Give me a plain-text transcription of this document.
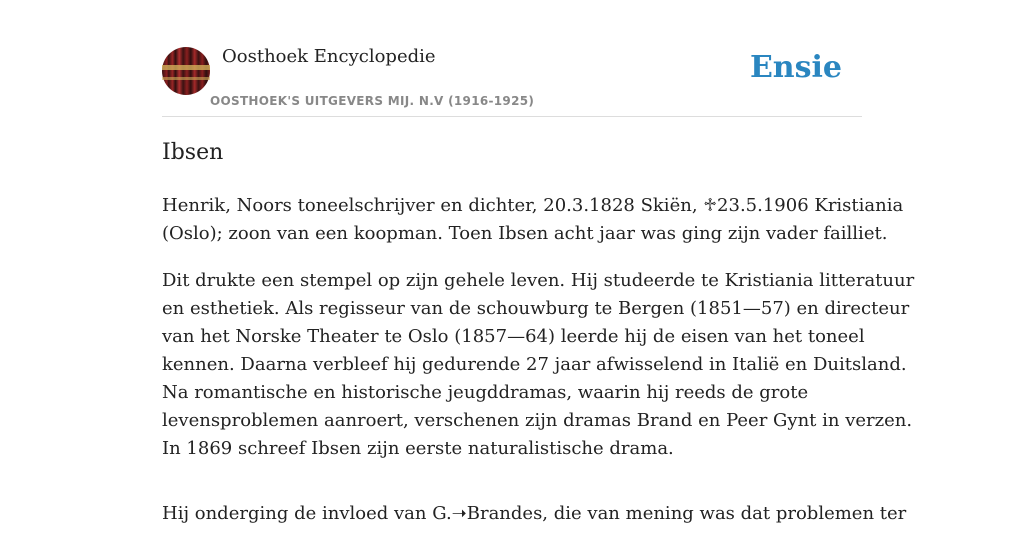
Oosthoek Encyclopedie
OOSTHOEK'S UITGEVERS MIJ. N.V (1916-1925)
Ensie
Ibsen

Henrik, Noors toneelschrijver en dichter, 20.3.1828 Skiën, ♱23.5.1906 Kristiania
(Oslo); zoon van een koopman. Toen Ibsen acht jaar was ging zijn vader failliet.

Dit drukte een stempel op zijn gehele leven. Hij studeerde te Kristiania litteratuur
en esthetiek. Als regisseur van de schouwburg te Bergen (1851—57) en directeur
van het Norske Theater te Oslo (1857—64) leerde hij de eisen van het toneel
kennen. Daarna verbleef hij gedurende 27 jaar afwisselend in Italië en Duitsland.
Na romantische en historische jeugddramas, waarin hij reeds de grote
levensproblemen aanroert, verschenen zijn dramas Brand en Peer Gynt in verzen.
In 1869 schreef Ibsen zijn eerste naturalistische drama.

Hij onderging de invloed van G.➝Brandes, die van mening was dat problemen ter
